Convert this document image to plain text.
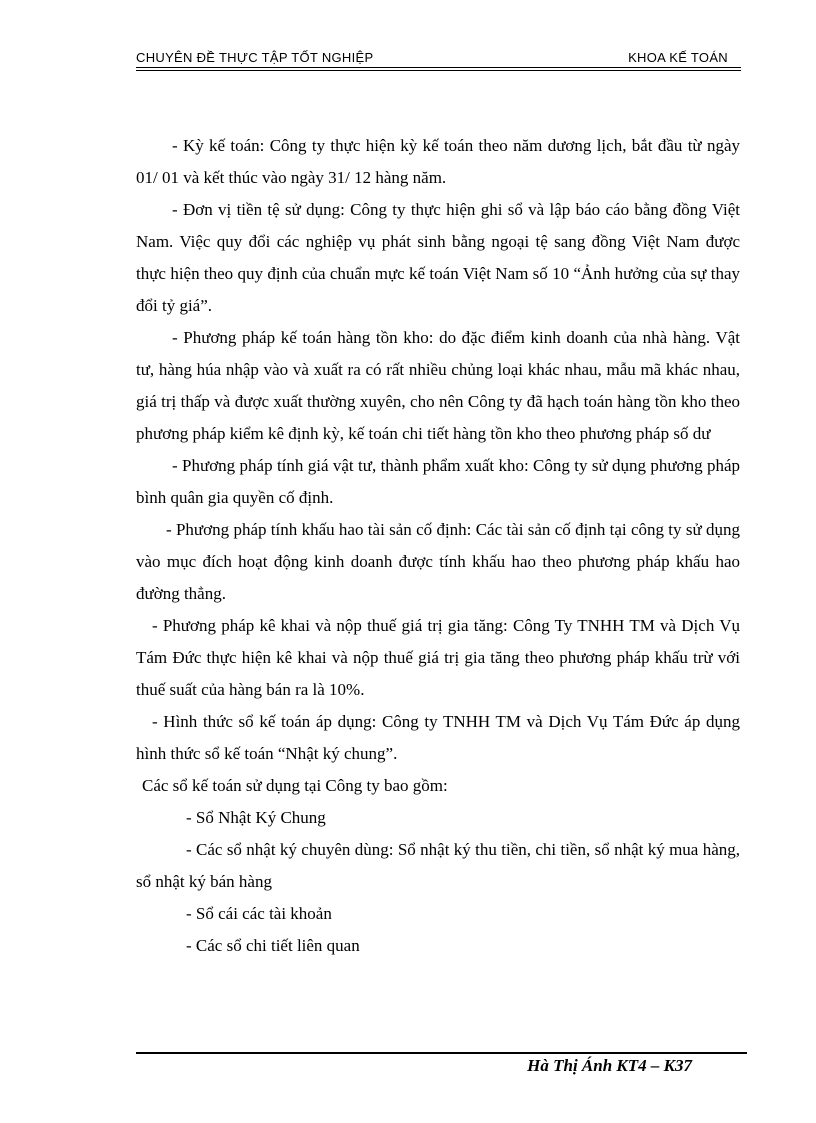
CHUYÊN ĐỀ THỰC TẬP TỐT NGHIỆP	KHOA KẾ TOÁN

- Kỳ kế toán: Công ty thực hiện kỳ kế toán theo năm dương lịch, bắt đầu từ ngày 01/ 01 và kết thúc vào ngày 31/ 12 hàng năm.

- Đơn vị tiền tệ sử dụng: Công ty thực hiện ghi sổ và lập báo cáo bằng đồng Việt Nam. Việc quy đổi các nghiệp vụ phát sinh bằng ngoại tệ sang đồng Việt Nam được thực hiện theo quy định của chuẩn mực kế toán Việt Nam số 10 “Ảnh hưởng của sự thay đổi tỷ giá”.

- Phương pháp kế toán hàng tồn kho: do đặc điểm kinh doanh của nhà hàng. Vật tư, hàng húa nhập vào và xuất ra có rất nhiều chủng loại khác nhau, mẫu mã khác nhau, giá trị thấp và được xuất thường xuyên, cho nên Công ty đã hạch toán hàng tồn kho theo phương pháp kiểm kê định kỳ, kế toán chi tiết hàng tồn kho theo phương pháp số dư

- Phương pháp tính giá vật tư, thành phẩm xuất kho: Công ty sử dụng phương pháp bình quân gia quyền cố định.

- Phương pháp tính khấu hao tài sản cố định: Các tài sản cố định tại công ty sử dụng vào mục đích hoạt động kinh doanh được tính khấu hao theo phương pháp khấu hao đường thẳng.

- Phương pháp kê khai và nộp thuế giá trị gia tăng: Công Ty TNHH TM và Dịch Vụ Tám Đức thực hiện kê khai và nộp thuế giá trị gia tăng theo phương pháp khấu trừ với thuế suất của hàng bán ra là 10%.

- Hình thức sổ kế toán áp dụng: Công ty TNHH TM và Dịch Vụ Tám Đức áp dụng hình thức sổ kế toán “Nhật ký chung”.

Các sổ kế toán sử dụng tại Công ty bao gồm:

- Sổ Nhật Ký Chung

- Các sổ nhật ký chuyên dùng: Sổ nhật ký thu tiền, chi tiền, sổ nhật ký mua hàng, sổ nhật ký bán hàng

- Sổ cái các tài khoản

- Các sổ chi tiết liên quan

Hà Thị Ánh KT4 – K37
